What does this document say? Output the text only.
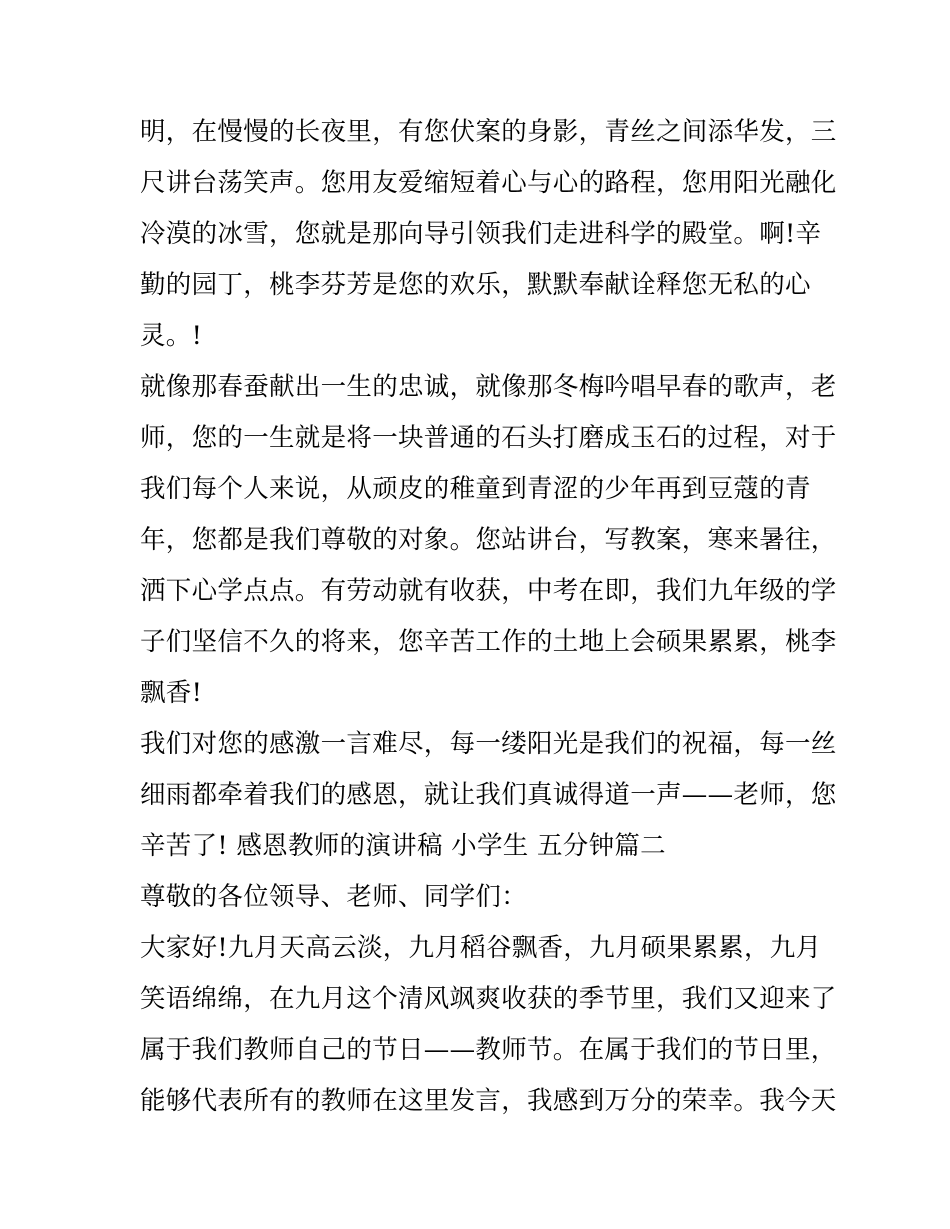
明，在慢慢的长夜里，有您伏案的身影，青丝之间添华发，三
尺讲台荡笑声。您用友爱缩短着心与心的路程，您用阳光融化
冷漠的冰雪，您就是那向导引领我们走进科学的殿堂。啊!辛
勤的园丁，桃李芬芳是您的欢乐，默默奉献诠释您无私的心
灵。!
就像那春蚕献出一生的忠诚，就像那冬梅吟唱早春的歌声，老
师，您的一生就是将一块普通的石头打磨成玉石的过程，对于
我们每个人来说，从顽皮的稚童到青涩的少年再到豆蔻的青
年，您都是我们尊敬的对象。您站讲台，写教案，寒来暑往，
洒下心学点点。有劳动就有收获，中考在即，我们九年级的学
子们坚信不久的将来，您辛苦工作的土地上会硕果累累，桃李
飘香!
我们对您的感激一言难尽，每一缕阳光是我们的祝福，每一丝
细雨都牵着我们的感恩，就让我们真诚得道一声——老师，您
辛苦了! 感恩教师的演讲稿 小学生 五分钟篇二
尊敬的各位领导、老师、同学们：
大家好!九月天高云淡，九月稻谷飘香，九月硕果累累，九月
笑语绵绵，在九月这个清风飒爽收获的季节里，我们又迎来了
属于我们教师自己的节日——教师节。在属于我们的节日里，
能够代表所有的教师在这里发言，我感到万分的荣幸。我今天
